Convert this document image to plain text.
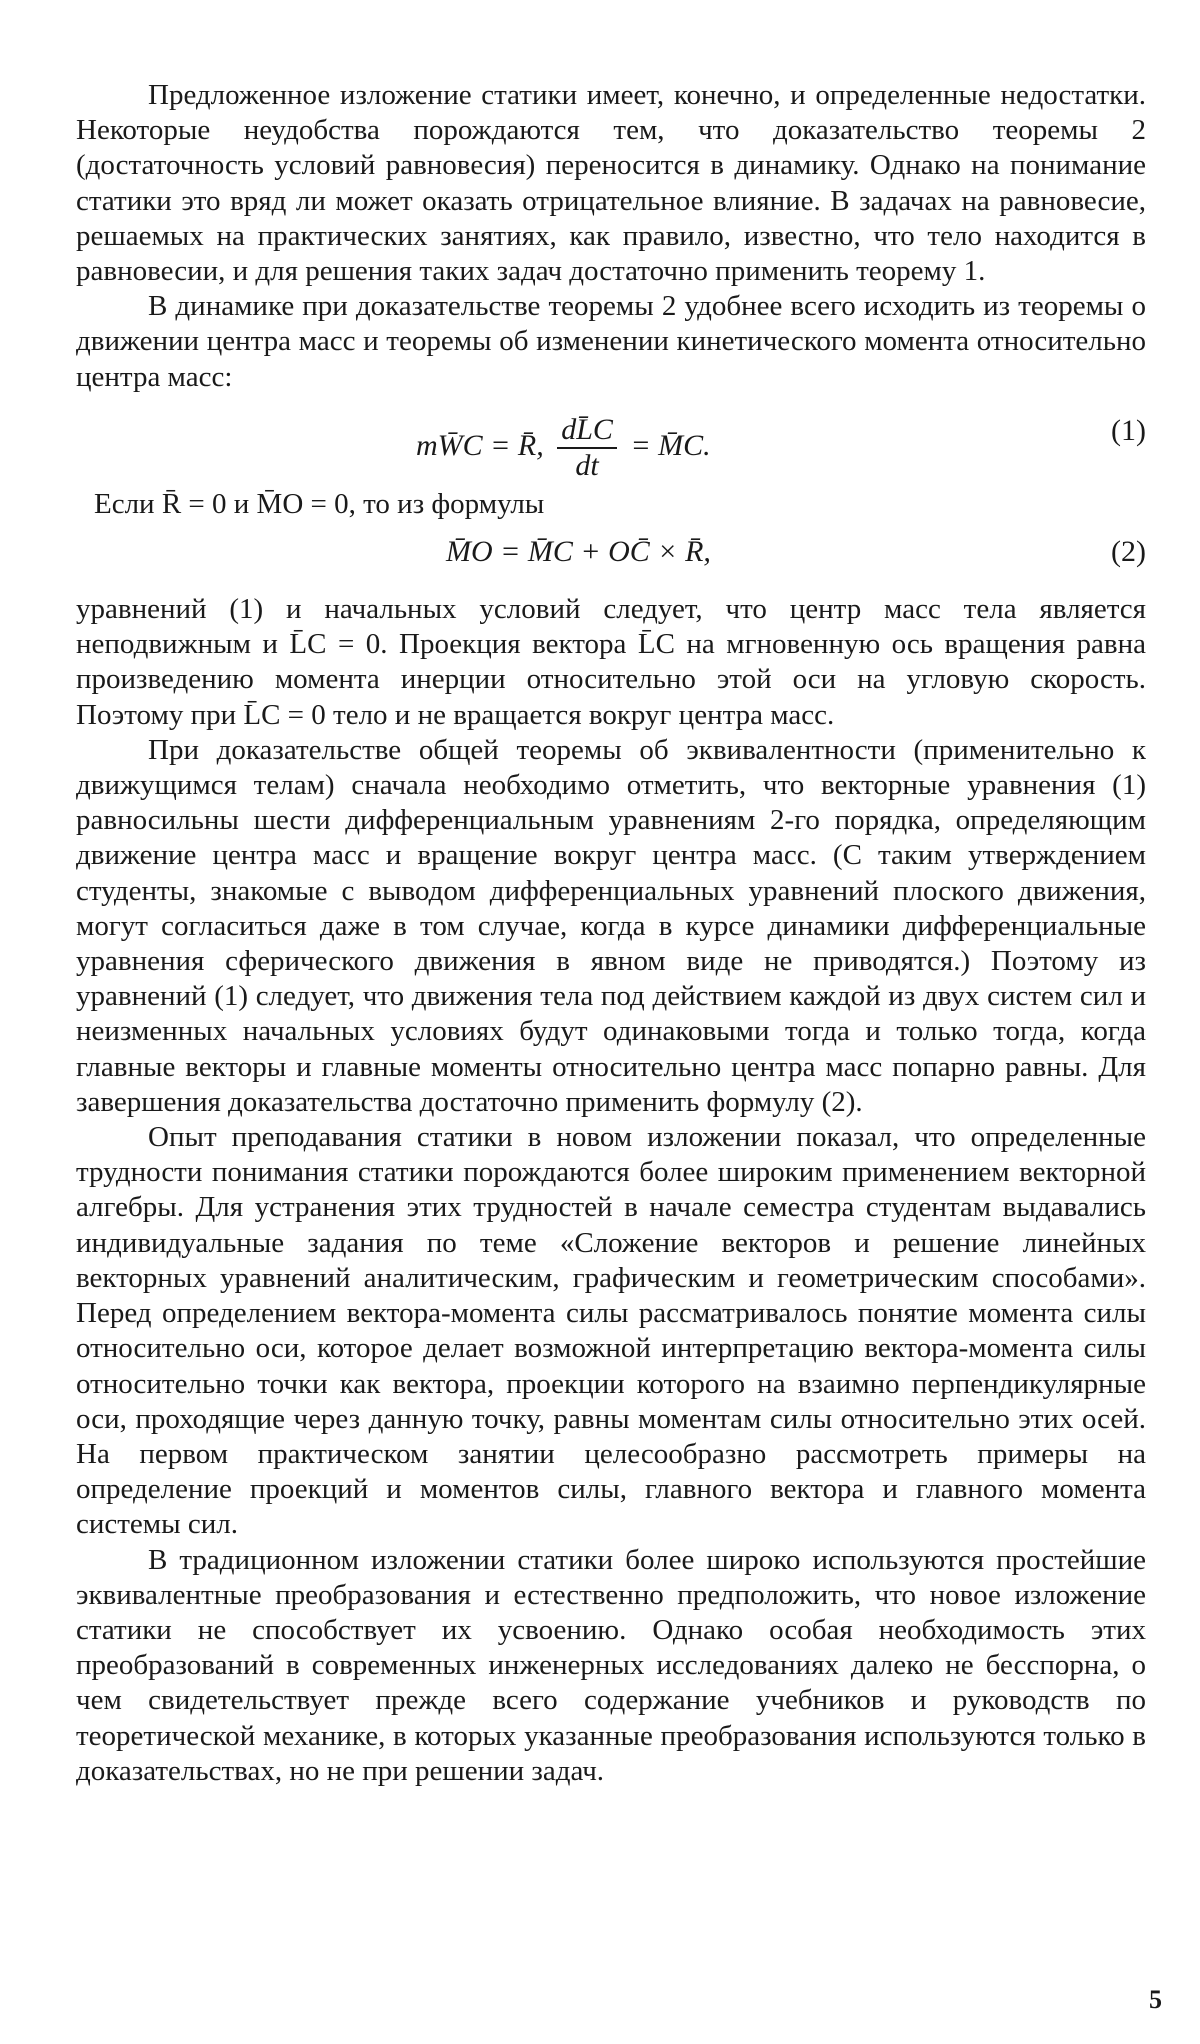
Предложенное изложение статики имеет, конечно, и определенные недостатки. Некоторые неудобства порождаются тем, что доказательство теоремы 2 (достаточность условий равновесия) переносится в динамику. Однако на понимание статики это вряд ли может оказать отрицательное влияние. В задачах на равновесие, решаемых на практических занятиях, как правило, известно, что тело находится в равновесии, и для решения таких задач достаточно применить теорему 1.

В динамике при доказательстве теоремы 2 удобнее всего исходить из теоремы о движении центра масс и теоремы об изменении кинетического момента относительно центра масс:

mW̄C = R̄, $\frac{dL̄C}{dt}$ = M̄C.	(1)

Если R̄ = 0 и M̄O = 0, то из формулы

M̄O = M̄C + OC̄ × R̄,	(2)

уравнений (1) и начальных условий следует, что центр масс тела является неподвижным и L̄C = 0. Проекция вектора L̄C на мгновенную ось вращения равна произведению момента инерции относительно этой оси на угловую скорость. Поэтому при L̄C = 0 тело и не вращается вокруг центра масс.

При доказательстве общей теоремы об эквивалентности (применительно к движущимся телам) сначала необходимо отметить, что векторные уравнения (1) равносильны шести дифференциальным уравнениям 2-го порядка, определяющим движение центра масс и вращение вокруг центра масс. (С таким утверждением студенты, знакомые с выводом дифференциальных уравнений плоского движения, могут согласиться даже в том случае, когда в курсе динамики дифференциальные уравнения сферического движения в явном виде не приводятся.) Поэтому из уравнений (1) следует, что движения тела под действием каждой из двух систем сил и неизменных начальных условиях будут одинаковыми тогда и только тогда, когда главные векторы и главные моменты относительно центра масс попарно равны. Для завершения доказательства достаточно применить формулу (2).

Опыт преподавания статики в новом изложении показал, что определенные трудности понимания статики порождаются более широким применением векторной алгебры. Для устранения этих трудностей в начале семестра студентам выдавались индивидуальные задания по теме «Сложение векторов и решение линейных векторных уравнений аналитическим, графическим и геометрическим способами». Перед определением вектора-момента силы рассматривалось понятие момента силы относительно оси, которое делает возможной интерпретацию вектора-момента силы относительно точки как вектора, проекции которого на взаимно перпендикулярные оси, проходящие через данную точку, равны моментам силы относительно этих осей. На первом практическом занятии целесообразно рассмотреть примеры на определение проекций и моментов силы, главного вектора и главного момента системы сил.

В традиционном изложении статики более широко используются простейшие эквивалентные преобразования и естественно предположить, что новое изложение статики не способствует их усвоению. Однако особая необходимость этих преобразований в современных инженерных исследованиях далеко не бесспорна, о чем свидетельствует прежде всего содержание учебников и руководств по теоретической механике, в которых указанные преобразования используются только в доказательствах, но не при решении задач.

5
